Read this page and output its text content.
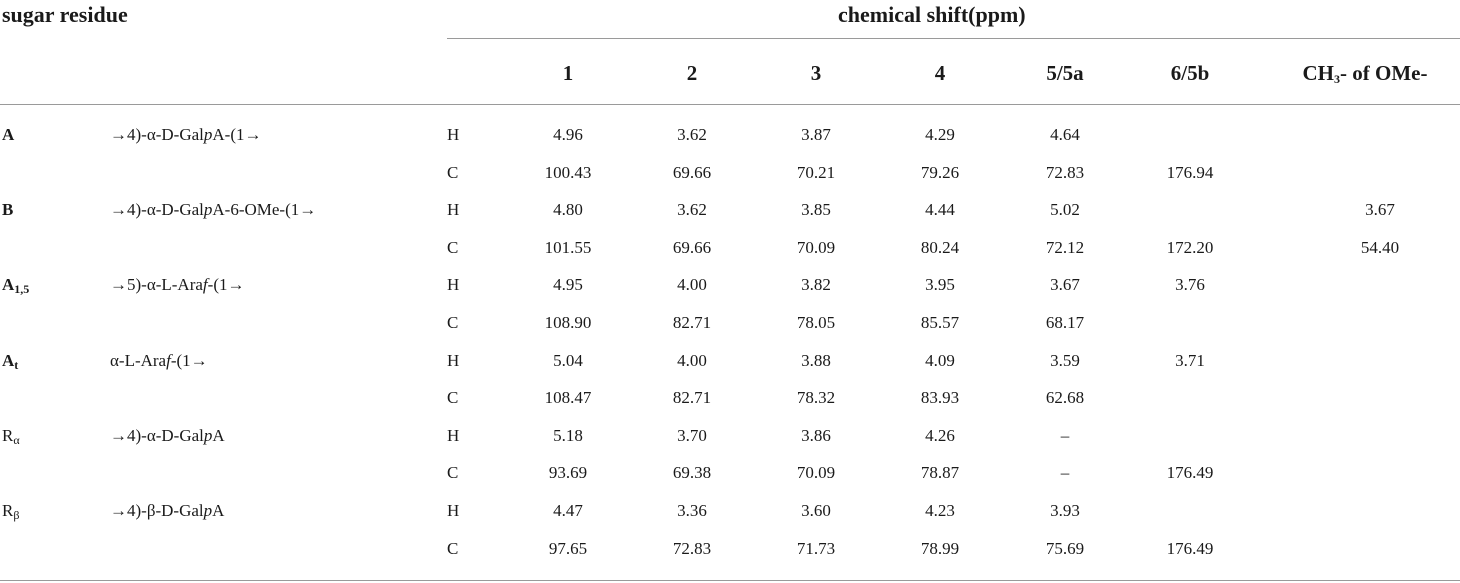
sugar residue	chemical shift(ppm)
1	2	3	4	5/5a	6/5b	$CH_3-$ of OMe-
A	→4)-α-D-GalpA-(1→	H	4.96	3.62	3.87	4.29	4.64
C	100.43	69.66	70.21	79.26	72.83	176.94
B	→4)-α-D-GalpA-6-OMe-(1→	H	4.80	3.62	3.85	4.44	5.02	3.67
C	101.55	69.66	70.09	80.24	72.12	172.20	54.40
$A_{1,5}$	→5)-α-L-Araf-(1→	H	4.95	4.00	3.82	3.95	3.67	3.76
C	108.90	82.71	78.05	85.57	68.17
$A_t$	α-L-Araf-(1→	H	5.04	4.00	3.88	4.09	3.59	3.71
C	108.47	82.71	78.32	83.93	62.68
$R_\alpha$	→4)-α-D-GalpA	H	5.18	3.70	3.86	4.26	–
C	93.69	69.38	70.09	78.87	–	176.49
$R_\beta$	→4)-β-D-GalpA	H	4.47	3.36	3.60	4.23	3.93
C	97.65	72.83	71.73	78.99	75.69	176.49
